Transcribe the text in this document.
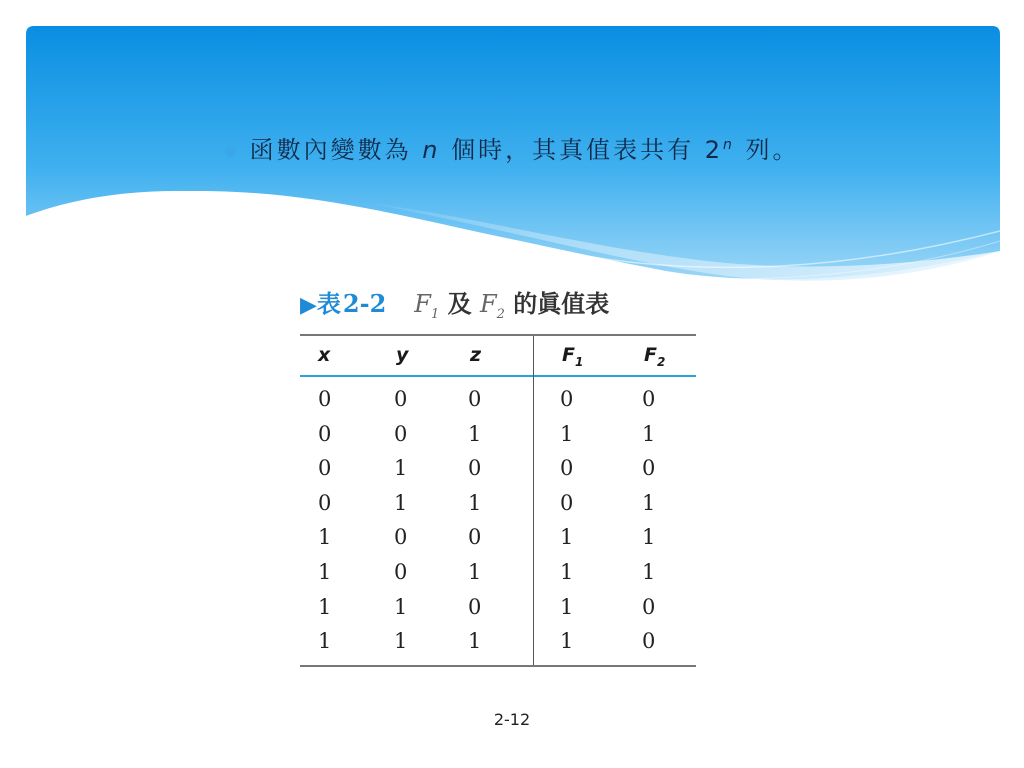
● 函數內變數為 n 個時，其真值表共有 2$^n$ 列。
▶表2-2 $F_1$ 及 $F_2$ 的眞值表
x	y	z	$F_1$	$F_2$
0	0	0	0	0
0	0	1	1	1
0	1	0	0	0
0	1	1	0	1
1	0	0	1	1
1	0	1	1	1
1	1	0	1	0
1	1	1	1	0
2-12
